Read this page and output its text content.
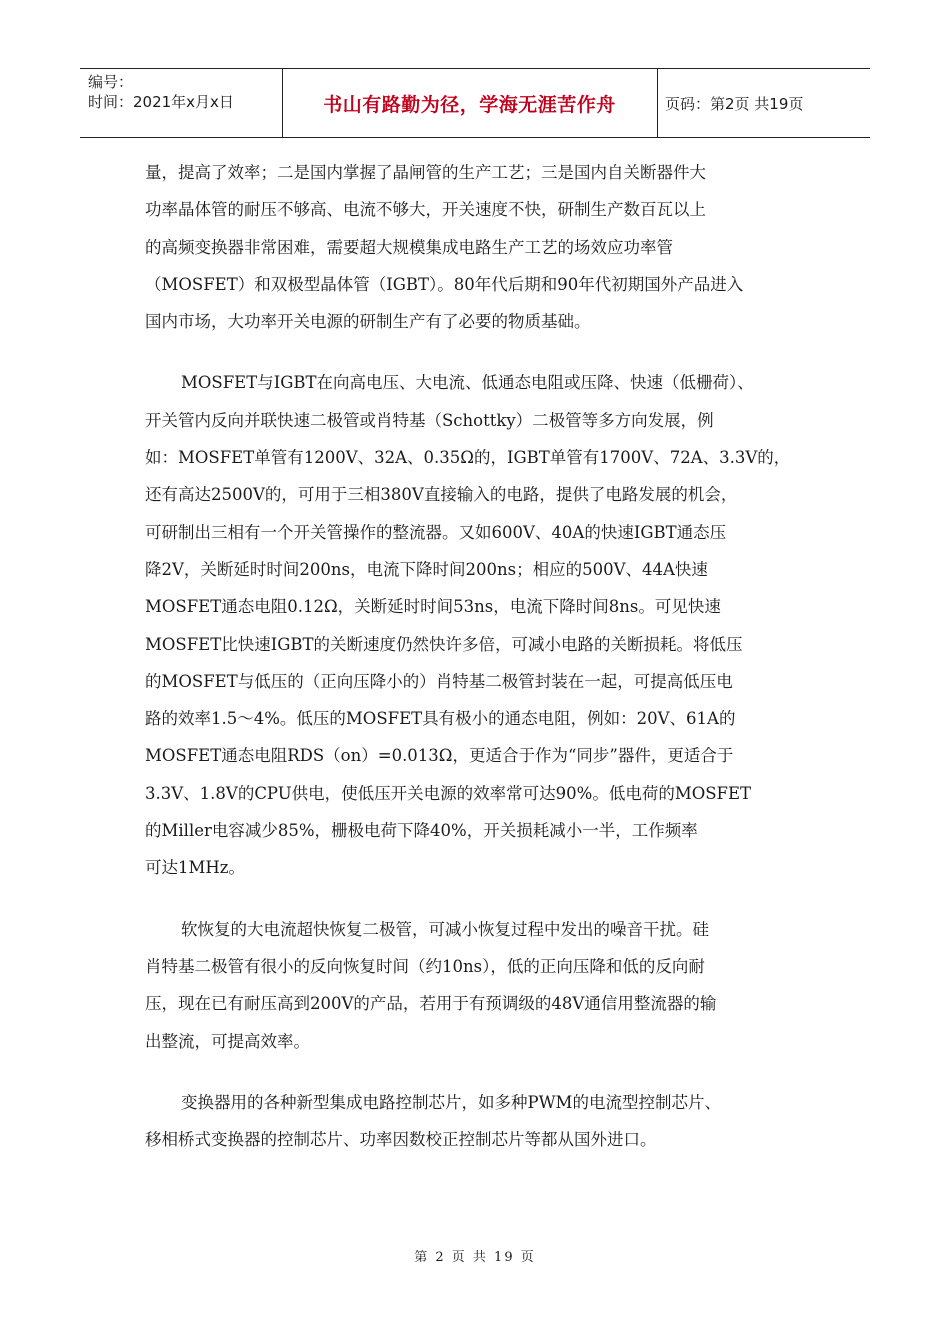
编号：
时间：2021年x月x日	书山有路勤为径，学海无涯苦作舟	页码：第2页 共19页

量，提高了效率；二是国内掌握了晶闸管的生产工艺；三是国内自关断器件大
功率晶体管的耐压不够高、电流不够大，开关速度不快，研制生产数百瓦以上
的高频变换器非常困难，需要超大规模集成电路生产工艺的场效应功率管
（MOSFET）和双极型晶体管（IGBT）。80年代后期和90年代初期国外产品进入
国内市场，大功率开关电源的研制生产有了必要的物质基础。

MOSFET与IGBT在向高电压、大电流、低通态电阻或压降、快速（低栅荷）、
开关管内反向并联快速二极管或肖特基（Schottky）二极管等多方向发展，例
如：MOSFET单管有1200V、32A、0.35Ω的，IGBT单管有1700V、72A、3.3V的，
还有高达2500V的，可用于三相380V直接输入的电路，提供了电路发展的机会，
可研制出三相有一个开关管操作的整流器。又如600V、40A的快速IGBT通态压
降2V，关断延时时间200ns，电流下降时间200ns；相应的500V、44A快速
MOSFET通态电阻0.12Ω，关断延时时间53ns，电流下降时间8ns。可见快速
MOSFET比快速IGBT的关断速度仍然快许多倍，可减小电路的关断损耗。将低压
的MOSFET与低压的（正向压降小的）肖特基二极管封装在一起，可提高低压电
路的效率1.5～4%。低压的MOSFET具有极小的通态电阻，例如：20V、61A的
MOSFET通态电阻RDS（on）=0.013Ω，更适合于作为“同步”器件，更适合于
3.3V、1.8V的CPU供电，使低压开关电源的效率常可达90%。低电荷的MOSFET
的Miller电容减少85%，栅极电荷下降40%，开关损耗减小一半，工作频率
可达1MHz。

软恢复的大电流超快恢复二极管，可减小恢复过程中发出的噪音干扰。硅
肖特基二极管有很小的反向恢复时间（约10ns），低的正向压降和低的反向耐
压，现在已有耐压高到200V的产品，若用于有预调级的48V通信用整流器的输
出整流，可提高效率。

变换器用的各种新型集成电路控制芯片，如多种PWM的电流型控制芯片、
移相桥式变换器的控制芯片、功率因数校正控制芯片等都从国外进口。

第 2 页 共 19 页
